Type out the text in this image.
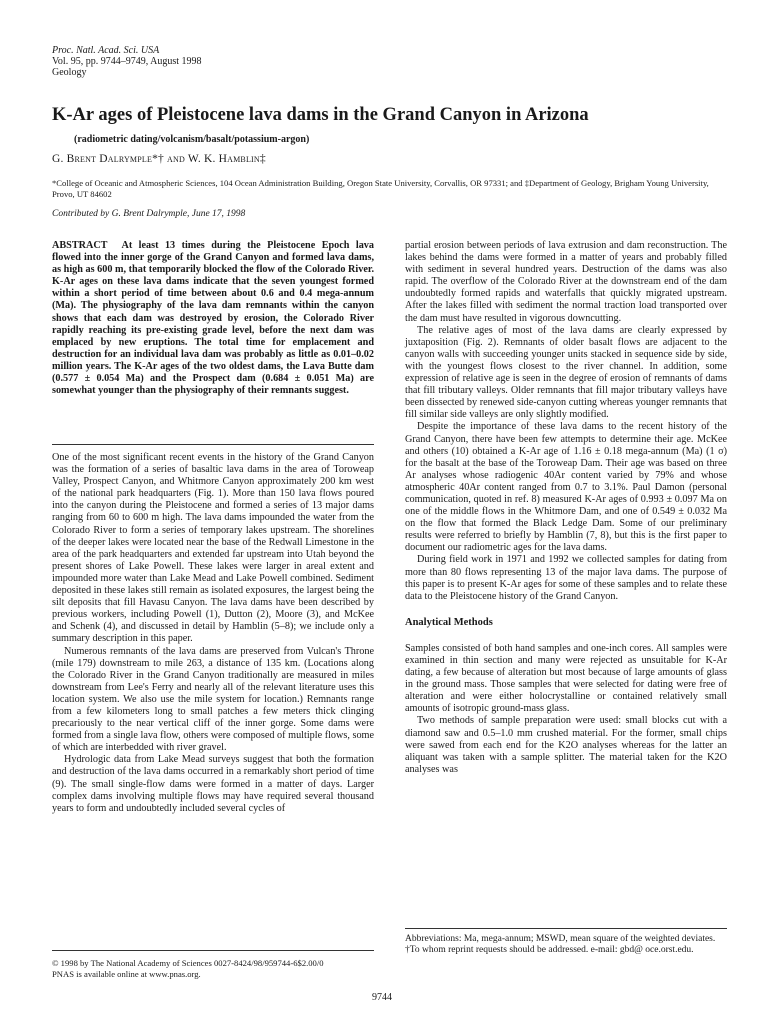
Proc. Natl. Acad. Sci. USA
Vol. 95, pp. 9744–9749, August 1998
Geology
K-Ar ages of Pleistocene lava dams in the Grand Canyon in Arizona
(radiometric dating/volcanism/basalt/potassium-argon)
G. Brent Dalrymple*† and W. K. Hamblin‡
*College of Oceanic and Atmospheric Sciences, 104 Ocean Administration Building, Oregon State University, Corvallis, OR 97331; and ‡Department of Geology, Brigham Young University, Provo, UT 84602
Contributed by G. Brent Dalrymple, June 17, 1998

ABSTRACT At least 13 times during the Pleistocene Epoch lava flowed into the inner gorge of the Grand Canyon and formed lava dams, as high as 600 m, that temporarily blocked the flow of the Colorado River. K-Ar ages on these lava dams indicate that the seven youngest formed within a short period of time between about 0.6 and 0.4 mega-annum (Ma). The physiography of the lava dam remnants within the canyon shows that each dam was destroyed by erosion, the Colorado River rapidly reaching its pre-existing grade level, before the next dam was emplaced by new eruptions. The total time for emplacement and destruction for an individual lava dam was probably as little as 0.01–0.02 million years. The K-Ar ages of the two oldest dams, the Lava Butte dam (0.577 ± 0.054 Ma) and the Prospect dam (0.684 ± 0.051 Ma) are somewhat younger than the physiography of their remnants suggest.

One of the most significant recent events in the history of the Grand Canyon was the formation of a series of basaltic lava dams in the area of Toroweap Valley, Prospect Canyon, and Whitmore Canyon approximately 200 km west of the national park headquarters (Fig. 1). More than 150 lava flows poured into the canyon during the Pleistocene and formed a series of 13 major dams ranging from 60 to 600 m high. The lava dams impounded the water from the Colorado River to form a series of temporary lakes upstream. The shorelines of the deeper lakes were located near the base of the Redwall Limestone in the area of the park headquarters and extended far upstream into Utah beyond the present shores of Lake Powell. These lakes were larger in areal extent and impounded more water than Lake Mead and Lake Powell combined. Sediment deposited in these lakes still remain as isolated exposures, the largest being the silt deposits that fill Havasu Canyon. The lava dams have been described by previous workers, including Powell (1), Dutton (2), Moore (3), and McKee and Schenk (4), and discussed in detail by Hamblin (5–8); we include only a summary description in this paper.

Numerous remnants of the lava dams are preserved from Vulcan's Throne (mile 179) downstream to mile 263, a distance of 135 km. (Locations along the Colorado River in the Grand Canyon traditionally are measured in miles downstream from Lee's Ferry and nearly all of the relevant literature uses this location system. We also use the mile system for location.) Remnants range from a few kilometers long to small patches a few meters thick clinging precariously to the near vertical cliff of the inner gorge. Some dams were formed from a single lava flow, others were composed of multiple flows, some of which are interbedded with river gravel.

Hydrologic data from Lake Mead surveys suggest that both the formation and destruction of the lava dams occurred in a remarkably short period of time (9). The small single-flow dams were formed in a matter of days. Larger complex dams involving multiple flows may have required several thousand years to form and undoubtedly included several cycles of

© 1998 by The National Academy of Sciences 0027-8424/98/959744-6$2.00/0
PNAS is available online at www.pnas.org.

partial erosion between periods of lava extrusion and dam reconstruction. The lakes behind the dams were formed in a matter of years and probably filled with sediment in several hundred years. Destruction of the dams was also rapid. The overflow of the Colorado River at the downstream end of the dam undoubtedly formed rapids and waterfalls that quickly migrated upstream. After the lakes filled with sediment the normal traction load transported over the dam must have resulted in vigorous downcutting.

The relative ages of most of the lava dams are clearly expressed by juxtaposition (Fig. 2). Remnants of older basalt flows are adjacent to the canyon walls with succeeding younger units stacked in sequence side by side, with the youngest flows closest to the river channel. In addition, some expression of relative age is seen in the degree of erosion of remnants of dams that fill tributary valleys. Older remnants that fill major tributary valleys have been dissected by renewed side-canyon cutting whereas younger remnants that fill similar side valleys are only slightly modified.

Despite the importance of these lava dams to the recent history of the Grand Canyon, there have been few attempts to determine their age. McKee and others (10) obtained a K-Ar age of 1.16 ± 0.18 mega-annum (Ma) (1 σ) for the basalt at the base of the Toroweap Dam. Their age was based on three Ar analyses whose radiogenic 40Ar content varied by 79% and whose atmospheric 40Ar content ranged from 0.7 to 3.1%. Paul Damon (personal communication, quoted in ref. 8) measured K-Ar ages of 0.993 ± 0.097 Ma on one of the middle flows in the Whitmore Dam, and one of 0.549 ± 0.032 Ma on the flow that formed the Black Ledge Dam. Some of our preliminary results were referred to briefly by Hamblin (7, 8), but this is the first paper to document our radiometric ages for the lava dams.

During field work in 1971 and 1992 we collected samples for dating from more than 80 flows representing 13 of the major lava dams. The purpose of this paper is to present K-Ar ages for some of these samples and to relate these data to the Pleistocene history of the Grand Canyon.

Analytical Methods

Samples consisted of both hand samples and one-inch cores. All samples were examined in thin section and many were rejected as unsuitable for K-Ar dating, a few because of alteration but most because of large amounts of glass in the ground mass. Those samples that were selected for dating were free of alteration and were either holocrystalline or contained relatively small amounts of isotropic ground-mass glass.

Two methods of sample preparation were used: small blocks cut with a diamond saw and 0.5–1.0 mm crushed material. For the former, small chips were sawed from each end for the K2O analyses whereas for the latter an aliquant was taken with a sample splitter. The material taken for the K2O analyses was

Abbreviations: Ma, mega-annum; MSWD, mean square of the weighted deviates.

†To whom reprint requests should be addressed. e-mail: gbd@ oce.orst.edu.

9744
